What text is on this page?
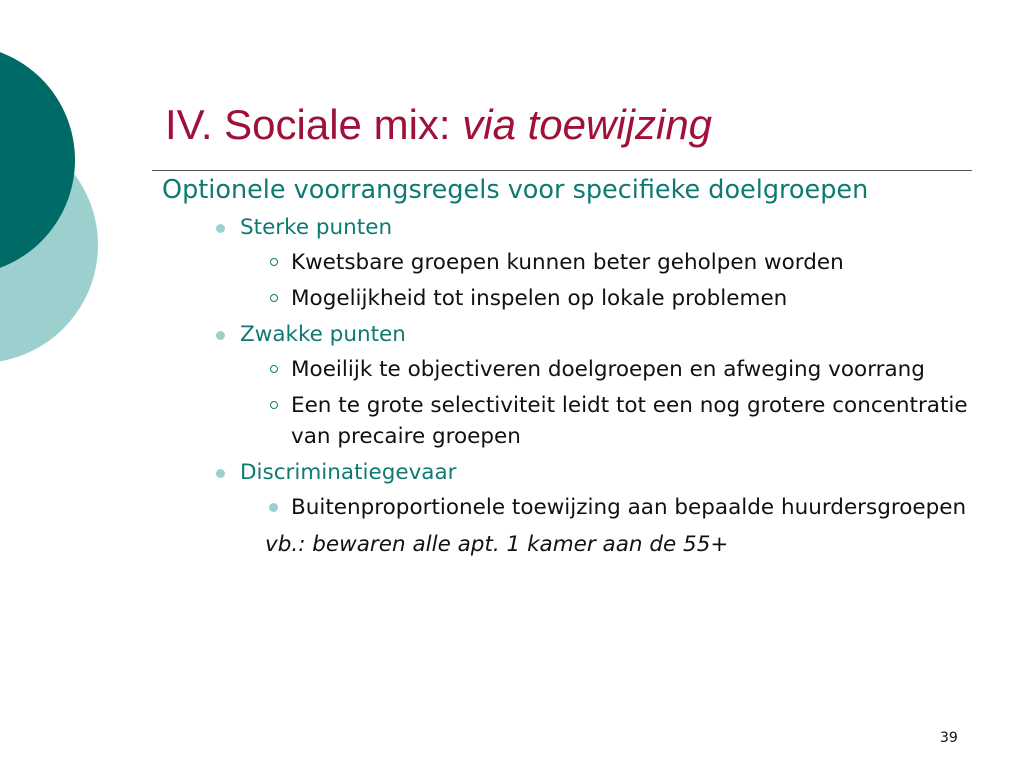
IV. Sociale mix: via toewijzing

Optionele voorrangsregels voor specifieke doelgroepen

Sterke punten
Kwetsbare groepen kunnen beter geholpen worden
Mogelijkheid tot inspelen op lokale problemen
Zwakke punten
Moeilijk te objectiveren doelgroepen en afweging voorrang
Een te grote selectiviteit leidt tot een nog grotere concentratie van precaire groepen
Discriminatiegevaar
Buitenproportionele toewijzing aan bepaalde huurdersgroepen
vb.: bewaren alle apt. 1 kamer aan de 55+
39
